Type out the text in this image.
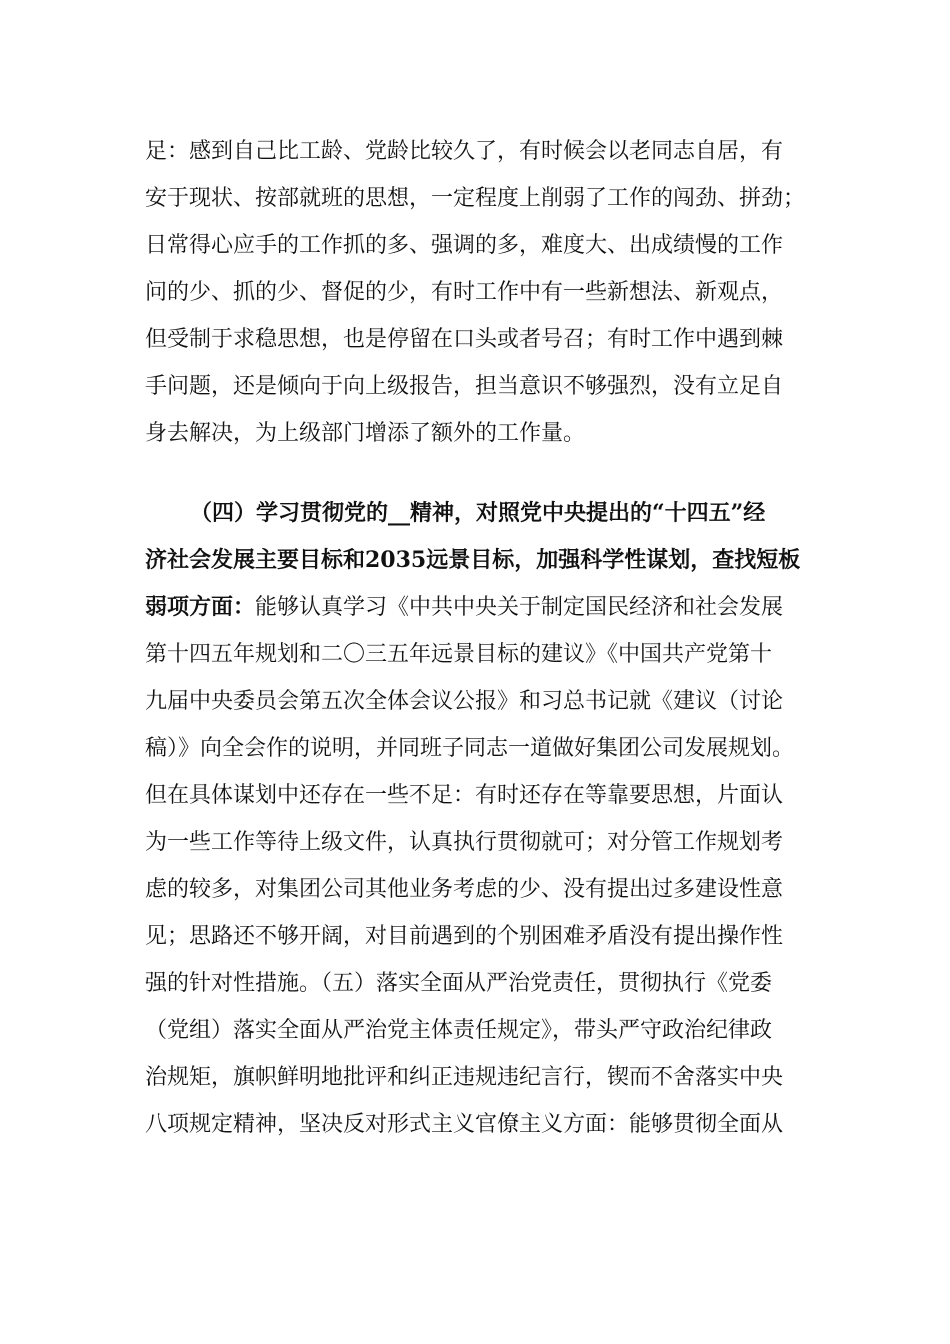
足：感到自己比工龄、党龄比较久了，有时候会以老同志自居，有
安于现状、按部就班的思想，一定程度上削弱了工作的闯劲、拼劲；
日常得心应手的工作抓的多、强调的多，难度大、出成绩慢的工作
问的少、抓的少、督促的少，有时工作中有一些新想法、新观点，
但受制于求稳思想，也是停留在口头或者号召；有时工作中遇到棘
手问题，还是倾向于向上级报告，担当意识不够强烈，没有立足自
身去解决，为上级部门增添了额外的工作量。
（四）学习贯彻党的__精神，对照党中央提出的“十四五”经
济社会发展主要目标和2035远景目标，加强科学性谋划，查找短板
弱项方面：能够认真学习《中共中央关于制定国民经济和社会发展
第十四五年规划和二〇三五年远景目标的建议》《中国共产党第十
九届中央委员会第五次全体会议公报》和习总书记就《建议（讨论
稿）》向全会作的说明，并同班子同志一道做好集团公司发展规划。
但在具体谋划中还存在一些不足：有时还存在等靠要思想，片面认
为一些工作等待上级文件，认真执行贯彻就可；对分管工作规划考
虑的较多，对集团公司其他业务考虑的少、没有提出过多建设性意
见；思路还不够开阔，对目前遇到的个别困难矛盾没有提出操作性
强的针对性措施。（五）落实全面从严治党责任，贯彻执行《党委
（党组）落实全面从严治党主体责任规定》，带头严守政治纪律政
治规矩，旗帜鲜明地批评和纠正违规违纪言行，锲而不舍落实中央
八项规定精神，坚决反对形式主义官僚主义方面：能够贯彻全面从
